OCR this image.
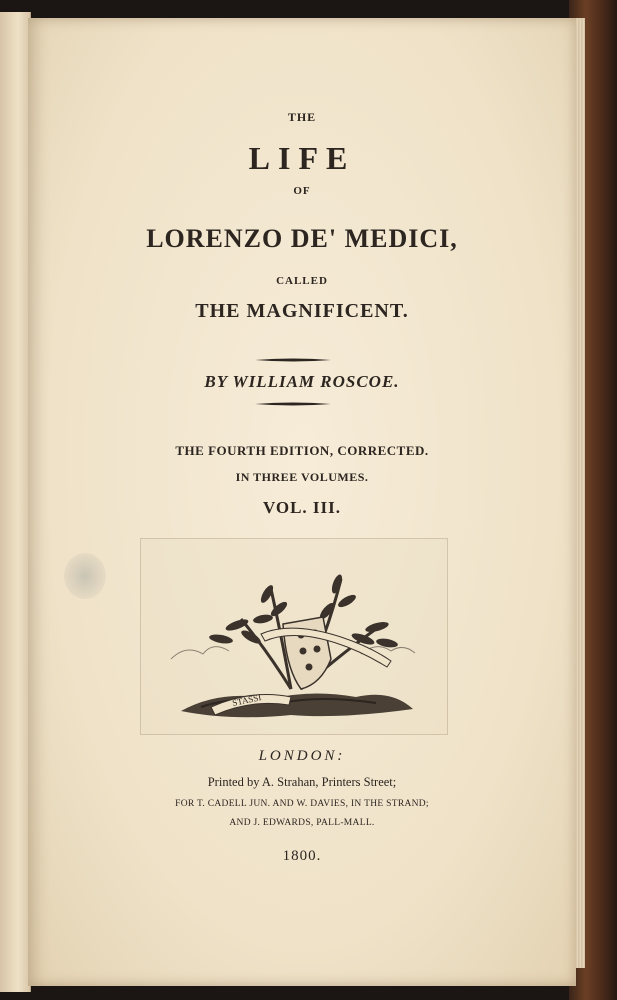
THE
LIFE
OF
LORENZO DE' MEDICI,
CALLED
THE MAGNIFICENT.
BY WILLIAM ROSCOE.
THE FOURTH EDITION, CORRECTED.
IN THREE VOLUMES.
VOL. III.
STASSI
LONDON:
Printed by A. Strahan, Printers Street;
FOR T. CADELL JUN. AND W. DAVIES, IN THE STRAND;
AND J. EDWARDS, PALL-MALL.
1800.
